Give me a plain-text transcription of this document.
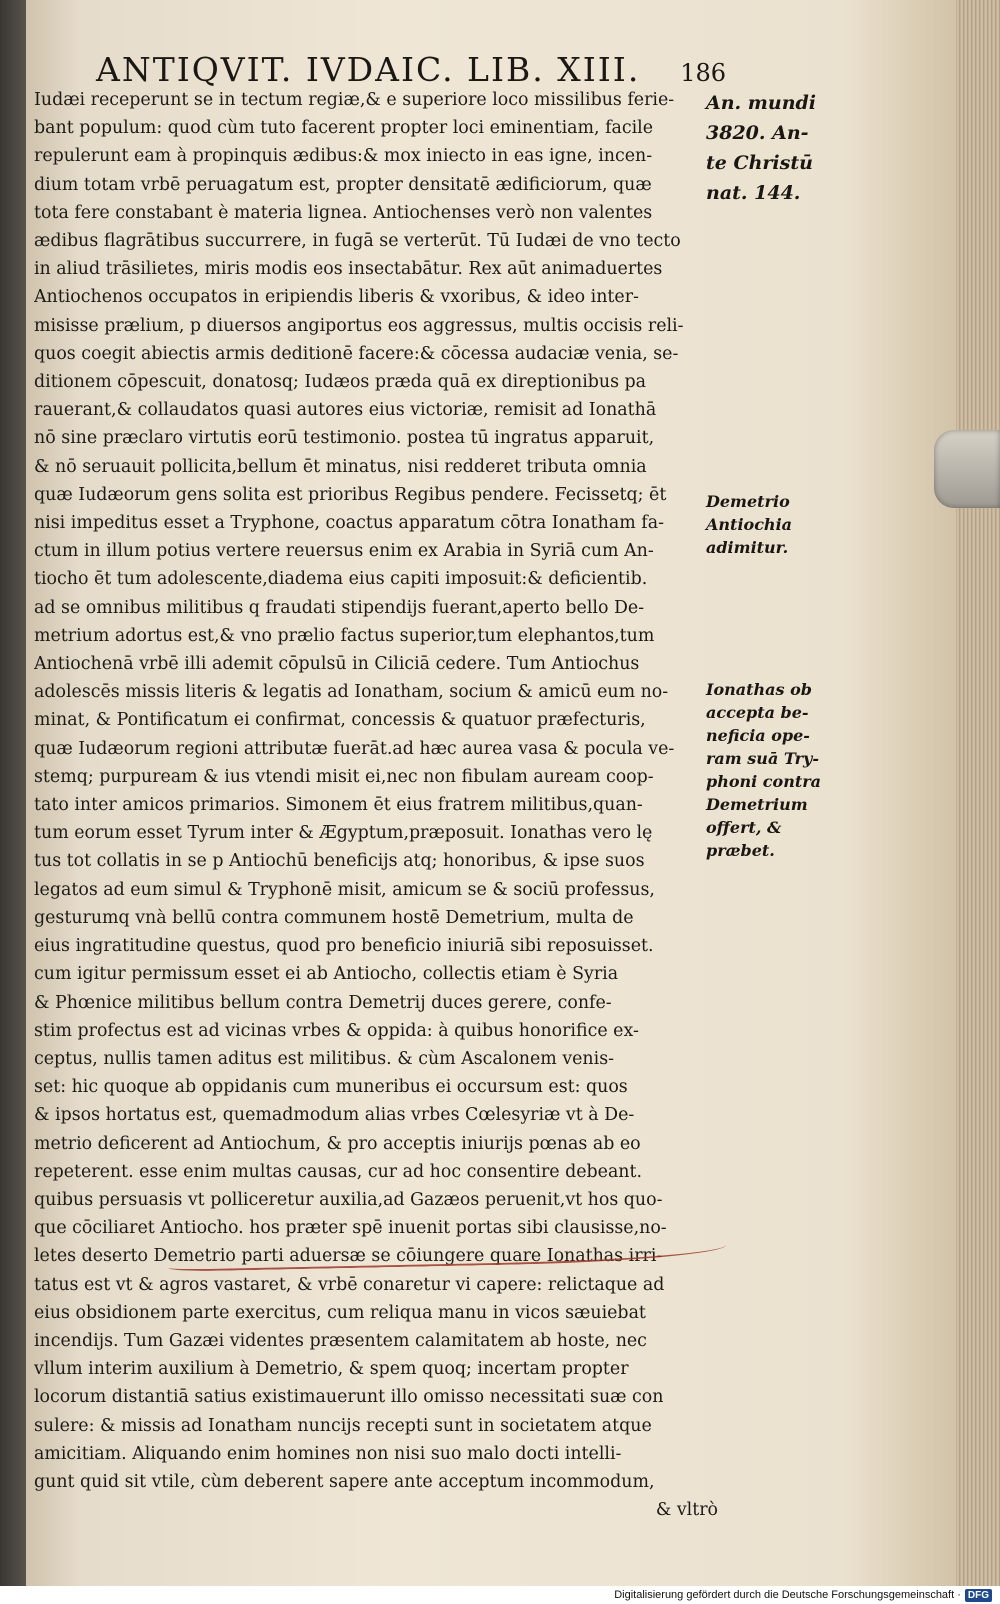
ANTIQVIT. IVDAIC. LIB. XIII. 186
Iudæi receperunt se in tectum regiæ,& e superiore loco missilibus ferie-
bant populum: quod cùm tuto facerent propter loci eminentiam, facile
repulerunt eam à propinquis ædibus:& mox iniecto in eas igne, incen-
dium totam vrbē peruagatum est, propter densitatē ædificiorum, quæ
tota fere constabant è materia lignea. Antiochenses verò non valentes
ædibus flagrātibus succurrere, in fugā se verterūt. Tū Iudæi de vno tecto
in aliud trāsilietes, miris modis eos insectabātur. Rex aūt animaduertes
Antiochenos occupatos in eripiendis liberis & vxoribus, & ideo inter-
misisse prælium, p diuersos angiportus eos aggressus, multis occisis reli-
quos coegit abiectis armis deditionē facere:& cōcessa audaciæ venia, se-
ditionem cōpescuit, donatosq; Iudæos præda quā ex direptionibus pa
rauerant,& collaudatos quasi autores eius victoriæ, remisit ad Ionathā
nō sine præclaro virtutis eorū testimonio. postea tū ingratus apparuit,
& nō seruauit pollicita,bellum ēt minatus, nisi redderet tributa omnia
quæ Iudæorum gens solita est prioribus Regibus pendere. Fecissetq; ēt
nisi impeditus esset a Tryphone, coactus apparatum cōtra Ionatham fa-
ctum in illum potius vertere reuersus enim ex Arabia in Syriā cum An-
tiocho ēt tum adolescente,diadema eius capiti imposuit:& deficientib.
ad se omnibus militibus q fraudati stipendijs fuerant,aperto bello De-
metrium adortus est,& vno prælio factus superior,tum elephantos,tum
Antiochenā vrbē illi ademit cōpulsū in Ciliciā cedere. Tum Antiochus
adolescēs missis literis & legatis ad Ionatham, socium & amicū eum no-
minat, & Pontificatum ei confirmat, concessis & quatuor præfecturis,
quæ Iudæorum regioni attributæ fuerāt.ad hæc aurea vasa & pocula ve-
stemq; purpuream & ius vtendi misit ei,nec non fibulam auream coop-
tato inter amicos primarios. Simonem ēt eius fratrem militibus,quan-
tum eorum esset Tyrum inter & Ægyptum,præposuit. Ionathas vero lę
tus tot collatis in se p Antiochū beneficijs atq; honoribus, & ipse suos
legatos ad eum simul & Tryphonē misit, amicum se & sociū professus,
gesturumq vnà bellū contra communem hostē Demetrium, multa de
eius ingratitudine questus, quod pro beneficio iniuriā sibi reposuisset.
cum igitur permissum esset ei ab Antiocho, collectis etiam è Syria
& Phœnice militibus bellum contra Demetrij duces gerere, confe-
stim profectus est ad vicinas vrbes & oppida: à quibus honorifice ex-
ceptus, nullis tamen aditus est militibus. & cùm Ascalonem venis-
set: hic quoque ab oppidanis cum muneribus ei occursum est: quos
& ipsos hortatus est, quemadmodum alias vrbes Cœlesyriæ vt à De-
metrio deficerent ad Antiochum, & pro acceptis iniurijs pœnas ab eo
repeterent. esse enim multas causas, cur ad hoc consentire debeant.
quibus persuasis vt polliceretur auxilia,ad Gazæos peruenit,vt hos quo-
que cōciliaret Antiocho. hos præter spē inuenit portas sibi clausisse,no-
letes deserto Demetrio parti aduersæ se cōiungere quare Ionathas irri-
tatus est vt & agros vastaret, & vrbē conaretur vi capere: relictaque ad
eius obsidionem parte exercitus, cum reliqua manu in vicos sæuiebat
incendijs. Tum Gazæi videntes præsentem calamitatem ab hoste, nec
vllum interim auxilium à Demetrio, & spem quoq; incertam propter
locorum distantiā satius existimauerunt illo omisso necessitati suæ con
sulere: & missis ad Ionatham nuncijs recepti sunt in societatem atque
amicitiam. Aliquando enim homines non nisi suo malo docti intelli-
gunt quid sit vtile, cùm deberent sapere ante acceptum incommodum,
& vltrò
An. mundi
3820. An-
te Christū
nat. 144.
Demetrio
Antiochia
adimitur.
Ionathas ob
accepta be-
neficia ope-
ram suā Try-
phoni contra
Demetrium
offert, &
præbet.
Digitalisierung gefördert durch die Deutsche Forschungsgemeinschaft · DFG
